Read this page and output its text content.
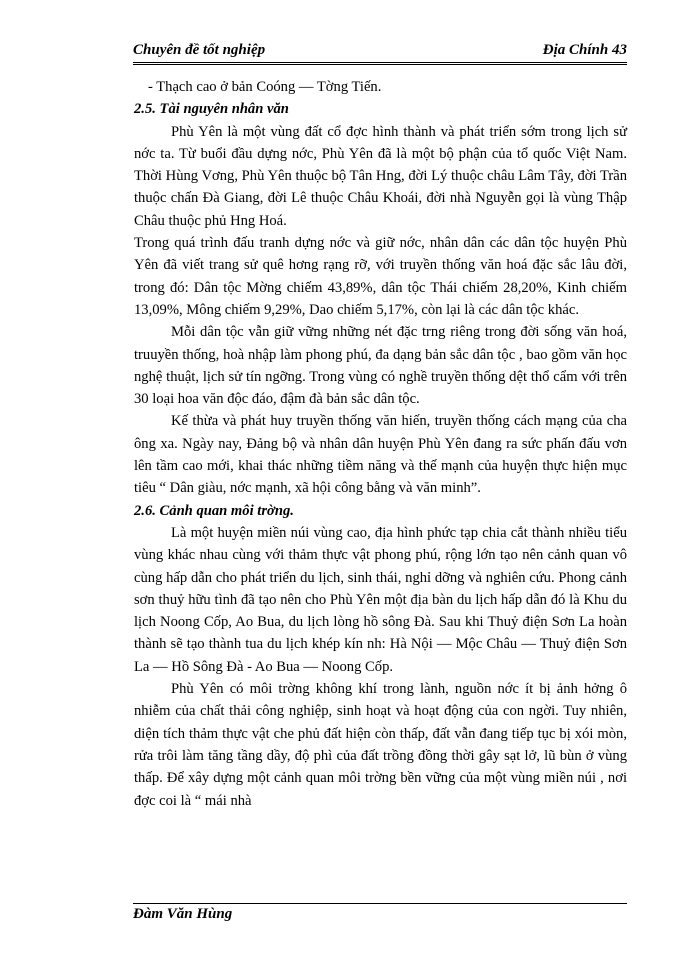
Chuyên đề tốt nghiệp	Địa Chính 43

- Thạch cao ở bản Coóng — Tờng Tiến.

2.5. Tài nguyên nhân văn

Phù Yên là một vùng đất cổ đợc hình thành và phát triển sớm trong lịch sử nớc ta. Từ buổi đầu dựng nớc, Phù Yên đã là một bộ phận của tổ quốc Việt Nam. Thời Hùng Vơng, Phù Yên thuộc bộ Tân Hng, đời Lý thuộc châu Lâm Tây, đời Trần thuộc chấn Đà Giang, đời Lê thuộc Châu Khoái, đời nhà Nguyễn gọi là vùng Thập Châu thuộc phủ Hng Hoá.

Trong quá trình đấu tranh dựng nớc và giữ nớc, nhân dân các dân tộc huyện Phù Yên đã viết trang sử quê hơng rạng rỡ, với truyền thống văn hoá đặc sắc lâu đời, trong đó: Dân tộc Mờng chiếm 43,89%, dân tộc Thái chiếm 28,20%, Kinh chiếm 13,09%, Mông chiếm 9,29%, Dao chiếm 5,17%, còn lại là các dân tộc khác.

Mỗi dân tộc vẫn giữ vững những nét đặc trng riêng trong đời sống văn hoá, truuyền thống, hoà nhập làm phong phú, đa dạng bản sắc dân tộc , bao gồm văn học nghệ thuật, lịch sử tín ngỡng. Trong vùng có nghề truyền thống dệt thổ cẩm với trên 30 loại hoa văn độc đáo, đậm đà bản sắc dân tộc.

Kế thừa và phát huy truyền thống văn hiến, truyền thống cách mạng của cha ông xa. Ngày nay, Đảng bộ và nhân dân huyện Phù Yên đang ra sức phấn đấu vơn lên tầm cao mới, khai thác những tiềm năng và thế mạnh của huyện thực hiện mục tiêu “ Dân giàu, nớc mạnh, xã hội công bằng và văn minh”.

2.6. Cảnh quan môi trờng.

Là một huyện miền núi vùng cao, địa hình phức tạp chia cắt thành nhiều tiểu vùng khác nhau cùng với thảm thực vật phong phú, rộng lớn tạo nên cảnh quan vô cùng hấp dẫn cho phát triển du lịch, sinh thái, nghỉ dỡng và nghiên cứu. Phong cảnh sơn thuỷ hữu tình đã tạo nên cho Phù Yên một địa bàn du lịch hấp dẫn đó là Khu du lịch Noong Cốp, Ao Bua, du lịch lòng hồ sông Đà. Sau khi Thuỷ điện Sơn La hoàn thành sẽ tạo thành tua du lịch khép kín nh: Hà Nội — Mộc Châu — Thuỷ điện Sơn La — Hồ Sông Đà - Ao Bua — Noong Cốp.

Phù Yên có môi trờng không khí trong lành, nguồn nớc ít bị ảnh hởng ô nhiễm của chất thải công nghiệp, sinh hoạt và hoạt động của con ngời. Tuy nhiên, diện tích thảm thực vật che phủ đất hiện còn thấp, đất vẫn đang tiếp tục bị xói mòn, rửa trôi làm tăng tầng dầy, độ phì của đất trồng đồng thời gây sạt lở, lũ bùn ở vùng thấp. Để xây dựng một cảnh quan môi trờng bền vững của một vùng miền núi , nơi đợc coi là “ mái nhà

Đàm Văn Hùng
